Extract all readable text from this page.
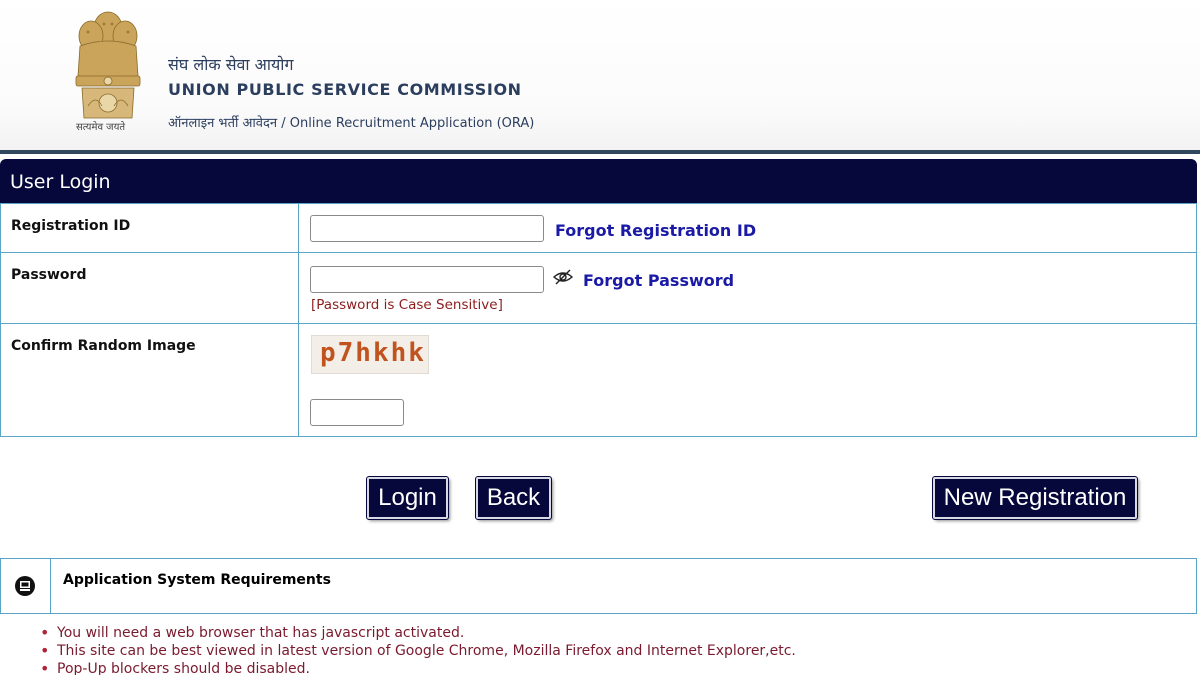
सत्यमेव जयते
संघ लोक सेवा आयोग
UNION PUBLIC SERVICE COMMISSION
ऑनलाइन भर्ती आवेदन / Online Recruitment Application (ORA)
User Login
Registration ID	Forgot Registration ID

Password	Forgot Password
[Password is Case Sensitive]

Confirm Random Image	p7hkhk
Login	Back	New Registration
	Application System Requirements
• You will need a web browser that has javascript activated.
• This site can be best viewed in latest version of Google Chrome, Mozilla Firefox and Internet Explorer,etc.
• Pop-Up blockers should be disabled.
